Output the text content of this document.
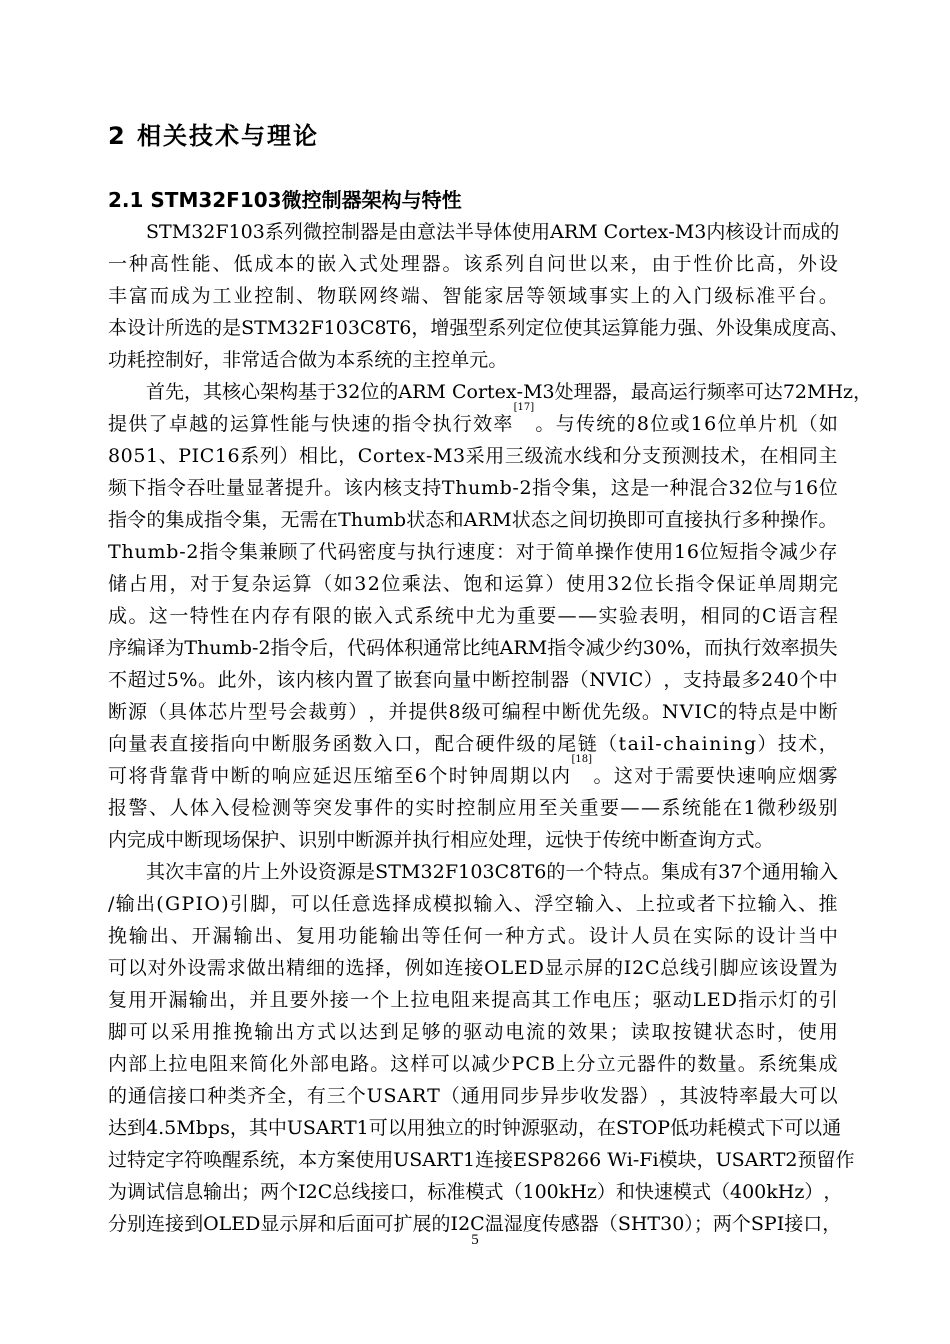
2 相关技术与理论
2.1 STM32F103微控制器架构与特性
S T M 3 2 F 1 0 3 系 列 微 控 制 器 是 由 意 法 半 导 体 使 用 A R M
C o r t e x - M 3 内 核 设 计 而 成 的
一 种 高 性 能 、 低 成 本 的 嵌 入 式 处 理 器 。 该 系 列 自 问 世 以 来 ， 由 于 性 价 比 高 ， 外 设
丰 富 而 成 为 工 业 控 制 、 物 联 网 终 端 、 智 能 家 居 等 领 域 事 实 上 的 入 门 级 标 准 平 台 。
本 设 计 所 选 的 是 S T M 3 2 F 1 0 3 C 8 T 6 ， 增 强 型 系 列 定 位 使 其 运 算 能 力 强 、 外 设 集 成 度 高 、
功耗控制好，非常适合做为本系统的主控单元。
首 先 ， 其 核 心 架 构 基 于 3 2 位 的 A R M
C o r t e x - M 3 处 理 器 ， 最 高 运 行 频 率 可 达 7 2 M H z ，
提 供 了 卓 越 的 运 算 性 能 与 快 速 的 指 令 执 行 效 率
[17]
。 与 传 统 的 8 位 或 1 6 位 单 片 机 （ 如
8 0 5 1 、 P I C 1 6 系 列 ） 相 比 ， C o r t e x - M 3 采 用 三 级 流 水 线 和 分 支 预 测 技 术 ， 在 相 同 主
频 下 指 令 吞 吐 量 显 著 提 升 。 该 内 核 支 持 T h u m b - 2 指 令 集 ， 这 是 一 种 混 合 3 2 位 与 1 6 位
指 令 的 集 成 指 令 集 ， 无 需 在 T h u m b 状 态 和 A R M 状 态 之 间 切 换 即 可 直 接 执 行 多 种 操 作 。
T h u m b - 2 指 令 集 兼 顾 了 代 码 密 度 与 执 行 速 度 ： 对 于 简 单 操 作 使 用 1 6 位 短 指 令 减 少 存
储 占 用 ， 对 于 复 杂 运 算 （ 如 3 2 位 乘 法 、 饱 和 运 算 ） 使 用 3 2 位 长 指 令 保 证 单 周 期 完
成 。 这 一 特 性 在 内 存 有 限 的 嵌 入 式 系 统 中 尤 为 重 要 — — 实 验 表 明 ， 相 同 的 C 语 言 程
序 编 译 为 T h u m b - 2 指 令 后 ， 代 码 体 积 通 常 比 纯 A R M 指 令 减 少 约 3 0 % ， 而 执 行 效 率 损 失
不 超 过 5 % 。 此 外 ， 该 内 核 内 置 了 嵌 套 向 量 中 断 控 制 器 （ N V I C ） ， 支 持 最 多 2 4 0 个 中
断 源 （ 具 体 芯 片 型 号 会 裁 剪 ） ， 并 提 供 8 级 可 编 程 中 断 优 先 级 。 N V I C 的 特 点 是 中 断
向 量 表 直 接 指 向 中 断 服 务 函 数 入 口 ， 配 合 硬 件 级 的 尾 链 （ t a i l - c h a i n i n g ） 技 术 ，
可 将 背 靠 背 中 断 的 响 应 延 迟 压 缩 至 6 个 时 钟 周 期 以 内
[18]
。 这 对 于 需 要 快 速 响 应 烟 雾
报 警 、 人 体 入 侵 检 测 等 突 发 事 件 的 实 时 控 制 应 用 至 关 重 要 — — 系 统 能 在 1 微 秒 级 别
内完成中断现场保护、识别中断源并执行相应处理，远快于传统中断查询方式。
其 次 丰 富 的 片 上 外 设 资 源 是 S T M 3 2 F 1 0 3 C 8 T 6 的 一 个 特 点 。 集 成 有 3 7 个 通 用 输 入
/ 输 出 ( G P I O ) 引 脚 ， 可 以 任 意 选 择 成 模 拟 输 入 、 浮 空 输 入 、 上 拉 或 者 下 拉 输 入 、 推
挽 输 出 、 开 漏 输 出 、 复 用 功 能 输 出 等 任 何 一 种 方 式 。 设 计 人 员 在 实 际 的 设 计 当 中
可 以 对 外 设 需 求 做 出 精 细 的 选 择 ， 例 如 连 接 O L E D 显 示 屏 的 I 2 C 总 线 引 脚 应 该 设 置 为
复 用 开 漏 输 出 ， 并 且 要 外 接 一 个 上 拉 电 阻 来 提 高 其 工 作 电 压 ； 驱 动 L E D 指 示 灯 的 引
脚 可 以 采 用 推 挽 输 出 方 式 以 达 到 足 够 的 驱 动 电 流 的 效 果 ； 读 取 按 键 状 态 时 ， 使 用
内 部 上 拉 电 阻 来 简 化 外 部 电 路 。 这 样 可 以 减 少 P C B 上 分 立 元 器 件 的 数 量 。 系 统 集 成
的 通 信 接 口 种 类 齐 全 ， 有 三 个 U S A R T （ 通 用 同 步 异 步 收 发 器 ） ， 其 波 特 率 最 大 可 以
达 到 4 . 5 M b p s ， 其 中 U S A R T 1 可 以 用 独 立 的 时 钟 源 驱 动 ， 在 S T O P 低 功 耗 模 式 下 可 以 通
过 特 定 字 符 唤 醒 系 统 ， 本 方 案 使 用 U S A R T 1 连 接 E S P 8 2 6 6
W i - F i 模 块 ， U S A R T 2 预 留 作
为 调 试 信 息 输 出 ； 两 个 I 2 C 总 线 接 口 ， 标 准 模 式 （ 1 0 0 k H z ） 和 快 速 模 式 （ 4 0 0 k H z ） ，
分别连接到OLED显示屏和后面可扩展的I2C温湿度传感器（SHT30）；两个SPI接口，
5
